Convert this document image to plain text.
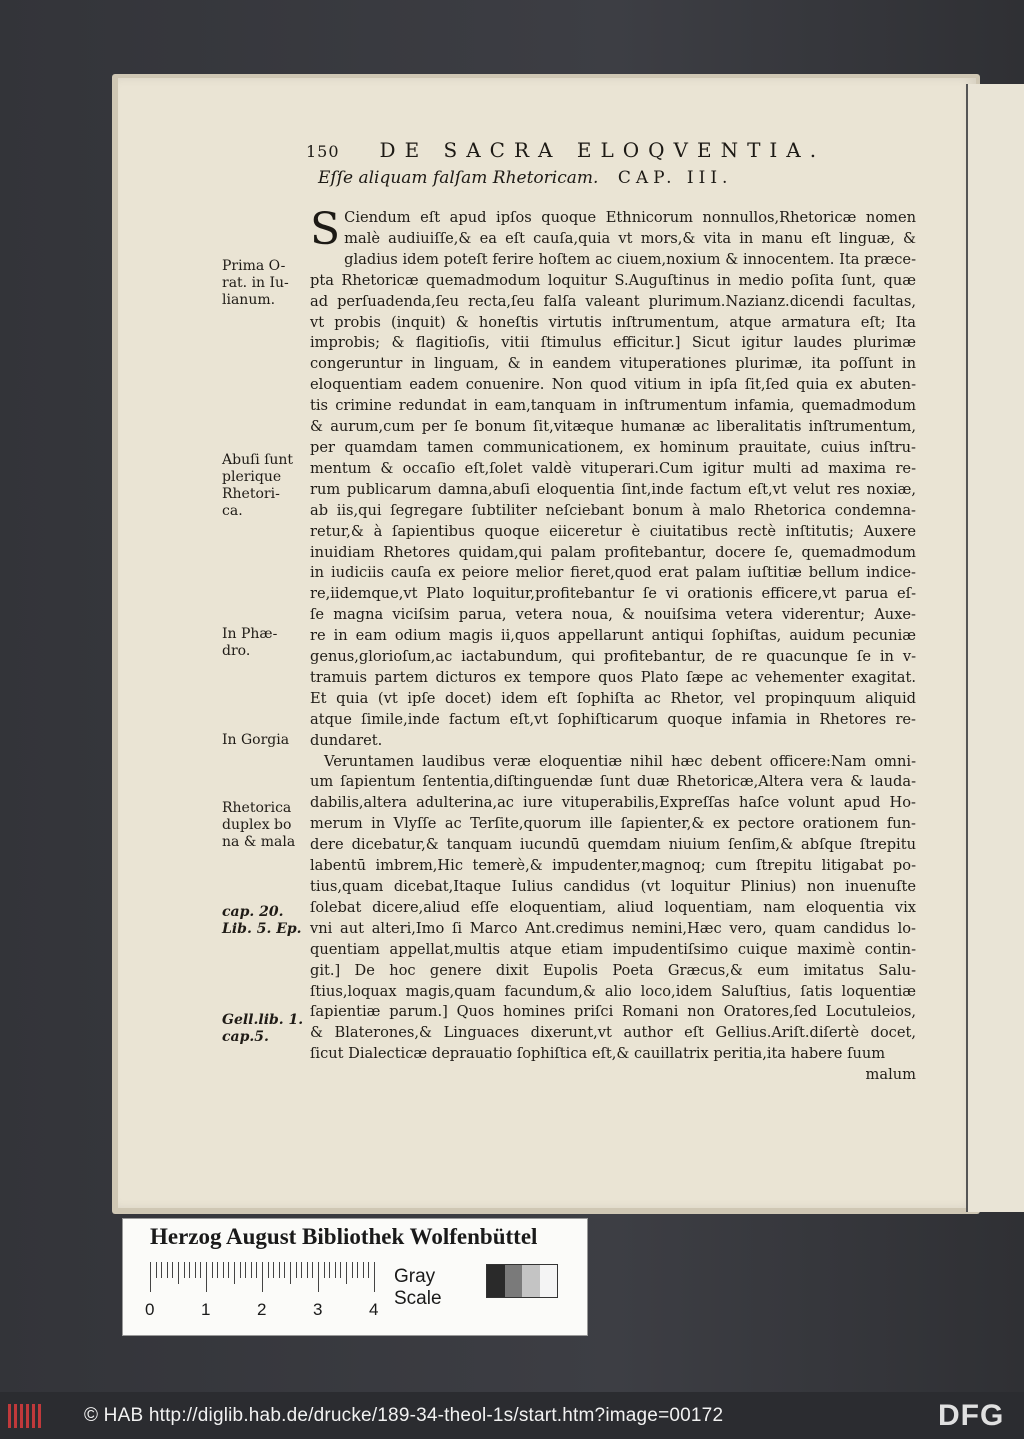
150 DE SACRA ELOQVENTIA.
Eſſe aliquam falſam Rhetoricam. CAP. III.
S Ciendum eſt apud ipſos quoque Ethnicorum nonnullos,Rhetoricæ nomen
malè audiuiſſe,& ea eſt cauſa,quia vt mors,& vita in manu eſt linguæ, &
gladius idem poteſt ferire hoſtem ac ciuem,noxium & innocentem. Ita præce-
pta Rhetoricæ quemadmodum loquitur S.Auguſtinus in medio poſita ſunt, quæ
ad perſuadenda,ſeu recta,ſeu falſa valeant plurimum.Nazianz.dicendi facultas,
vt probis (inquit) & honeſtis virtutis inſtrumentum, atque armatura eſt; Ita
improbis; & flagitioſis, vitii ſtimulus efficitur.] Sicut igitur laudes plurimæ
congeruntur in linguam, & in eandem vituperationes plurimæ, ita poſſunt in
eloquentiam eadem conuenire. Non quod vitium in ipſa ſit,ſed quia ex abuten-
tis crimine redundat in eam,tanquam in inſtrumentum infamia, quemadmodum
& aurum,cum per ſe bonum ſit,vitæque humanæ ac liberalitatis inſtrumentum,
per quamdam tamen communicationem, ex hominum prauitate, cuius inſtru-
mentum & occaſio eſt,ſolet valdè vituperari.Cum igitur multi ad maxima re-
rum publicarum damna,abuſi eloquentia ſint,inde factum eſt,vt velut res noxiæ,
ab iis,qui ſegregare ſubtiliter neſciebant bonum à malo Rhetorica condemna-
retur,& à ſapientibus quoque eiiceretur è ciuitatibus rectè inſtitutis; Auxere
inuidiam Rhetores quidam,qui palam profitebantur, docere ſe, quemadmodum
in iudiciis cauſa ex peiore melior fieret,quod erat palam iuſtitiæ bellum indice-
re,iidemque,vt Plato loquitur,profitebantur ſe vi orationis efficere,vt parua eſ-
ſe magna viciſsim parua, vetera noua, & nouiſsima vetera viderentur; Auxe-
re in eam odium magis ii,quos appellarunt antiqui ſophiſtas, auidum pecuniæ
genus,glorioſum,ac iactabundum, qui profitebantur, de re quacunque ſe in v-
tramuis partem dicturos ex tempore quos Plato ſæpe ac vehementer exagitat.
Et quia (vt ipſe docet) idem eſt ſophiſta ac Rhetor, vel propinquum aliquid
atque ſimile,inde factum eſt,vt ſophiſticarum quoque infamia in Rhetores re-
dundaret.
Veruntamen laudibus veræ eloquentiæ nihil hæc debent officere:Nam omni-
um ſapientum ſententia,diſtinguendæ ſunt duæ Rhetoricæ,Altera vera & lauda-
dabilis,altera adulterina,ac iure vituperabilis,Expreſſas haſce volunt apud Ho-
merum in Vlyſſe ac Terſite,quorum ille ſapienter,& ex pectore orationem fun-
dere dicebatur,& tanquam iucundū quemdam niuium ſenſim,& abſque ſtrepitu
labentū imbrem,Hic temerè,& impudenter,magnoq; cum ſtrepitu litigabat po-
tius,quam dicebat,Itaque Iulius candidus (vt loquitur Plinius) non inuenuſte
ſolebat dicere,aliud eſſe eloquentiam, aliud loquentiam, nam eloquentia vix
vni aut alteri,Imo ſi Marco Ant.credimus nemini,Hæc vero, quam candidus lo-
quentiam appellat,multis atque etiam impudentiſsimo cuique maximè contin-
git.] De hoc genere dixit Eupolis Poeta Græcus,& eum imitatus Salu-
ſtius,loquax magis,quam facundum,& alio loco,idem Saluſtius, ſatis loquentiæ
ſapientiæ parum.] Quos homines priſci Romani non Oratores,ſed Locutuleios,
& Blaterones,& Linguaces dixerunt,vt author eſt Gellius.Ariſt.diſertè docet,
ſicut Dialecticæ deprauatio ſophiſtica eſt,& cauillatrix peritia,ita habere ſuum
malum
Prima O-
rat. in Iu-
lianum.
Abuſi ſunt
plerique
Rhetori-
ca.
In Phæ-
dro.
In Gorgia
Rhetorica
duplex bo
na & mala
cap. 20.
Lib. 5. Ep.
Gell.lib. 1.
cap.5.
Herzog August Bibliothek Wolfenbüttel
0	1	2	3	4
Gray Scale
© HAB http://diglib.hab.de/drucke/189-34-theol-1s/start.htm?image=00172	DFG
